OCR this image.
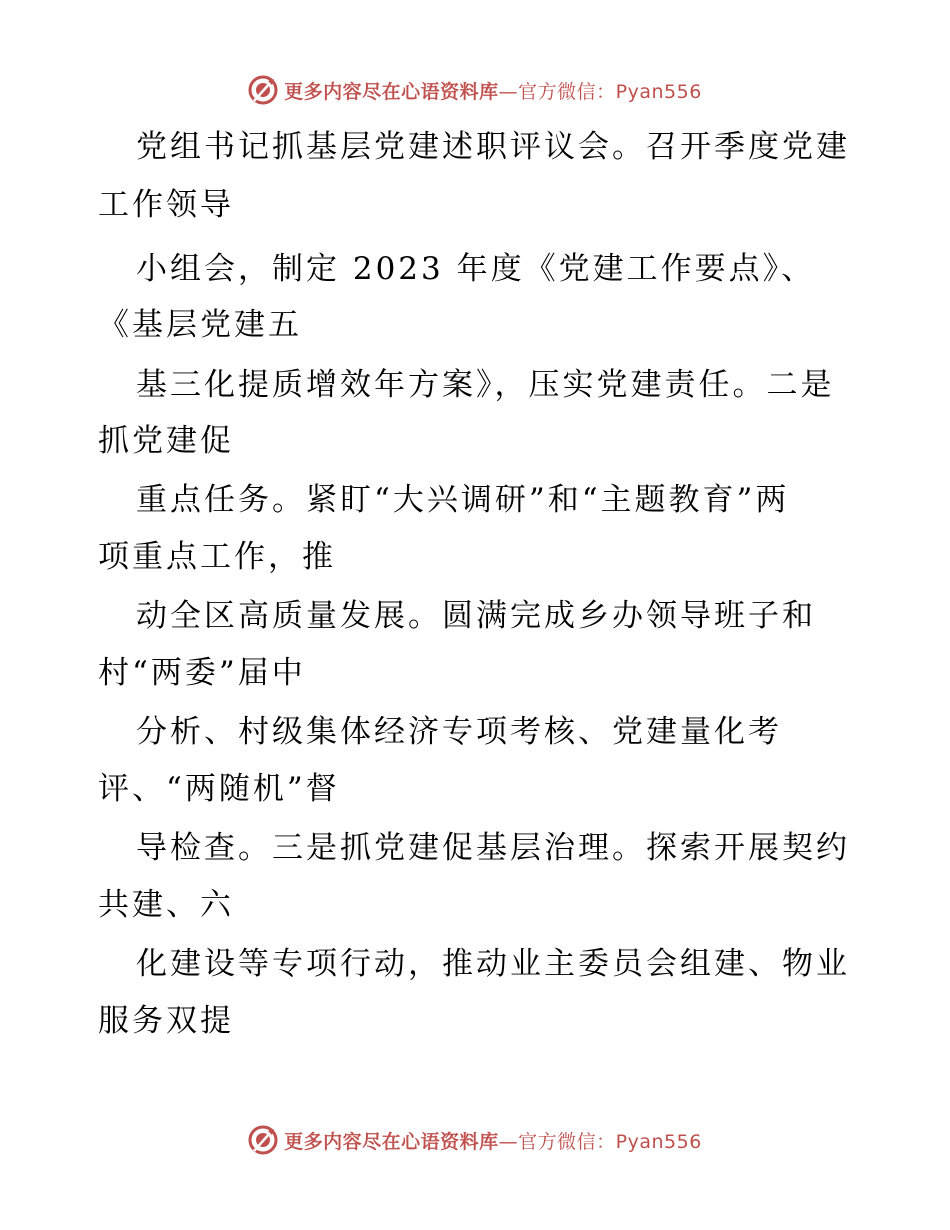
更多内容尽在心语资料库—官方微信：Pyan556
党组书记抓基层党建述职评议会。召开季度党建
工作领导
小组会，制定 2023 年度《党建工作要点》、
《基层党建五
基三化提质增效年方案》，压实党建责任。二是
抓党建促
重点任务。紧盯“大兴调研”和“主题教育”两
项重点工作，推
动全区高质量发展。圆满完成乡办领导班子和
村“两委”届中
分析、村级集体经济专项考核、党建量化考
评、“两随机”督
导检查。三是抓党建促基层治理。探索开展契约
共建、六
化建设等专项行动，推动业主委员会组建、物业
服务双提
更多内容尽在心语资料库—官方微信：Pyan556
